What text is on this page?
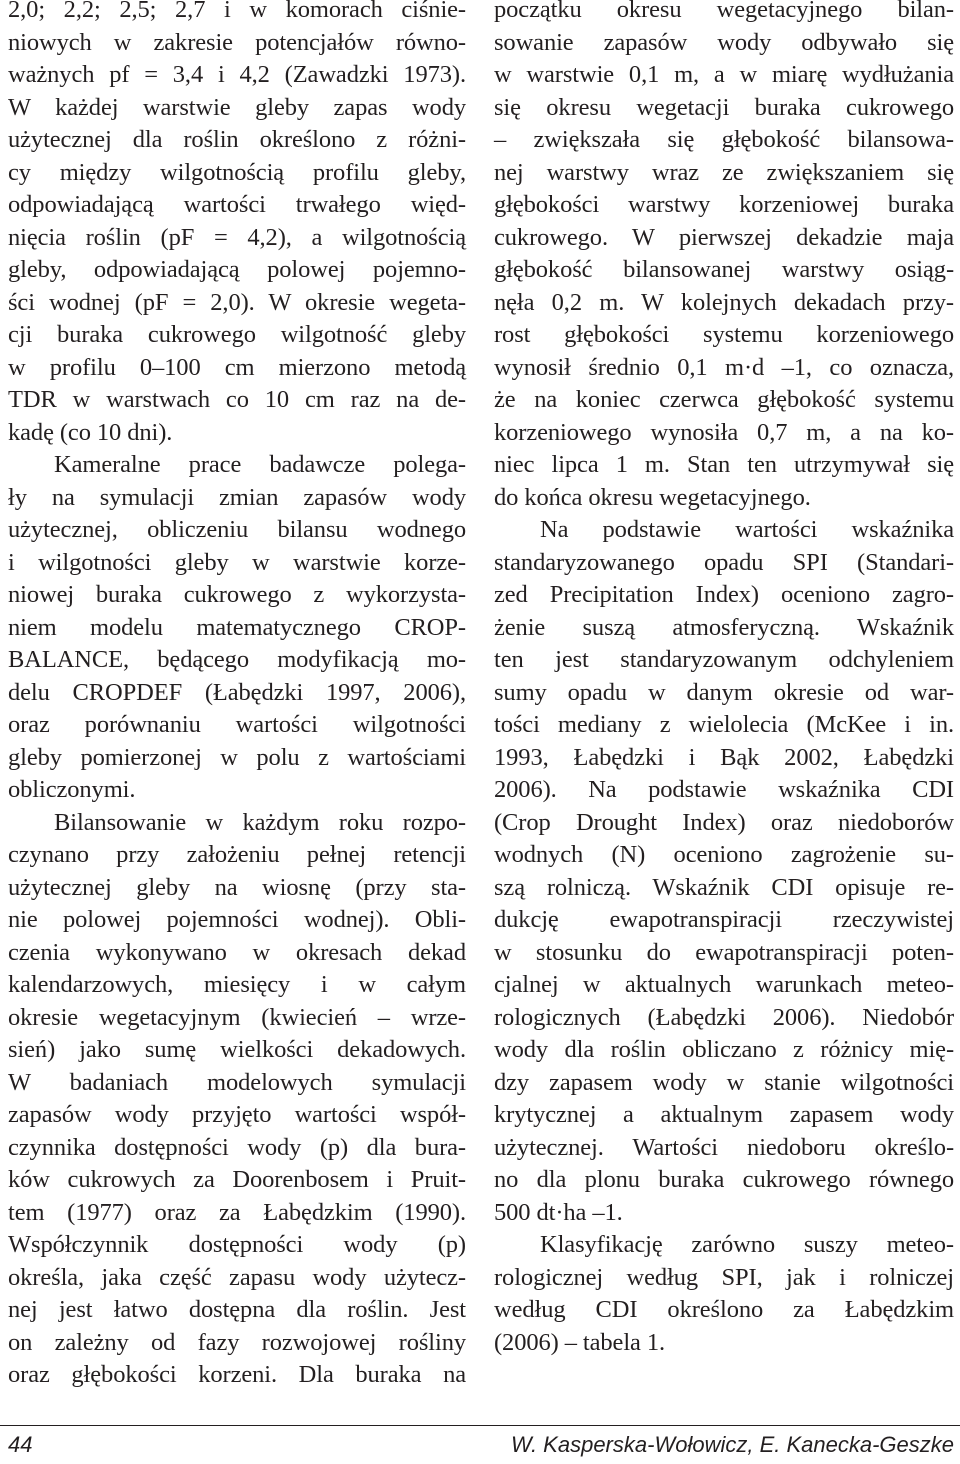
2,0; 2,2; 2,5; 2,7 i w komorach ciśnie-
niowych w zakresie potencjałów równo-
ważnych pf = 3,4 i 4,2 (Zawadzki 1973).
W każdej warstwie gleby zapas wody
użytecznej dla roślin określono z różni-
cy między wilgotnością profilu gleby,
odpowiadającą wartości trwałego więd-
nięcia roślin (pF = 4,2), a wilgotnością
gleby, odpowiadającą polowej pojemno-
ści wodnej (pF = 2,0). W okresie wegeta-
cji buraka cukrowego wilgotność gleby
w profilu 0–100 cm mierzono metodą
TDR w warstwach co 10 cm raz na de-
kadę (co 10 dni).
Kameralne prace badawcze polega-
ły na symulacji zmian zapasów wody
użytecznej, obliczeniu bilansu wodnego
i wilgotności gleby w warstwie korze-
niowej buraka cukrowego z wykorzysta-
niem modelu matematycznego CROP-
BALANCE, będącego modyfikacją mo-
delu CROPDEF (Łabędzki 1997, 2006),
oraz porównaniu wartości wilgotności
gleby pomierzonej w polu z wartościami
obliczonymi.
Bilansowanie w każdym roku rozpo-
czynano przy założeniu pełnej retencji
użytecznej gleby na wiosnę (przy sta-
nie polowej pojemności wodnej). Obli-
czenia wykonywano w okresach dekad
kalendarzowych, miesięcy i w całym
okresie wegetacyjnym (kwiecień – wrze-
sień) jako sumę wielkości dekadowych.
W badaniach modelowych symulacji
zapasów wody przyjęto wartości współ-
czynnika dostępności wody (p) dla bura-
ków cukrowych za Doorenbosem i Pruit-
tem (1977) oraz za Łabędzkim (1990).
Współczynnik dostępności wody (p)
określa, jaka część zapasu wody użytecz-
nej jest łatwo dostępna dla roślin. Jest
on zależny od fazy rozwojowej rośliny
oraz głębokości korzeni. Dla buraka na
początku okresu wegetacyjnego bilan-
sowanie zapasów wody odbywało się
w warstwie 0,1 m, a w miarę wydłużania
się okresu wegetacji buraka cukrowego
– zwiększała się głębokość bilansowa-
nej warstwy wraz ze zwiększaniem się
głębokości warstwy korzeniowej buraka
cukrowego. W pierwszej dekadzie maja
głębokość bilansowanej warstwy osiąg-
nęła 0,2 m. W kolejnych dekadach przy-
rost głębokości systemu korzeniowego
wynosił średnio 0,1 m·d –1, co oznacza,
że na koniec czerwca głębokość systemu
korzeniowego wynosiła 0,7 m, a na ko-
niec lipca 1 m. Stan ten utrzymywał się
do końca okresu wegetacyjnego.
Na podstawie wartości wskaźnika
standaryzowanego opadu SPI (Standari-
zed Precipitation Index) oceniono zagro-
żenie suszą atmosferyczną. Wskaźnik
ten jest standaryzowanym odchyleniem
sumy opadu w danym okresie od war-
tości mediany z wielolecia (McKee i in.
1993, Łabędzki i Bąk 2002, Łabędzki
2006). Na podstawie wskaźnika CDI
(Crop Drought Index) oraz niedoborów
wodnych (N) oceniono zagrożenie su-
szą rolniczą. Wskaźnik CDI opisuje re-
dukcję ewapotranspiracji rzeczywistej
w stosunku do ewapotranspiracji poten-
cjalnej w aktualnych warunkach meteo-
rologicznych (Łabędzki 2006). Niedobór
wody dla roślin obliczano z różnicy mię-
dzy zapasem wody w stanie wilgotności
krytycznej a aktualnym zapasem wody
użytecznej. Wartości niedoboru określo-
no dla plonu buraka cukrowego równego
500 dt·ha –1.
Klasyfikację zarówno suszy meteo-
rologicznej według SPI, jak i rolniczej
według CDI określono za Łabędzkim
(2006) – tabela 1.
44	W. Kasperska-Wołowicz, E. Kanecka-Geszke
